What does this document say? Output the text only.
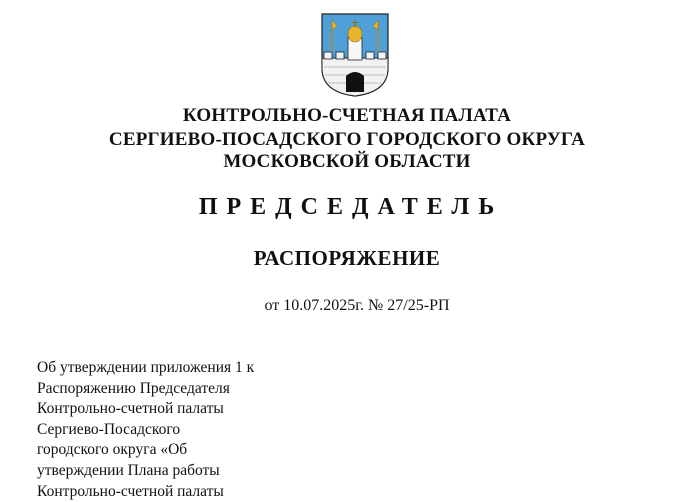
КОНТРОЛЬНО-СЧЕТНАЯ ПАЛАТА
СЕРГИЕВО-ПОСАДСКОГО ГОРОДСКОГО ОКРУГА
МОСКОВСКОЙ ОБЛАСТИ
ПРЕДСЕДАТЕЛЬ
РАСПОРЯЖЕНИЕ
от 10.07.2025г. № 27/25-РП
Об утверждении приложения 1 к
Распоряжению Председателя
Контрольно-счетной палаты
Сергиево-Посадского
городского округа «Об
утверждении Плана работы
Контрольно-счетной палаты
